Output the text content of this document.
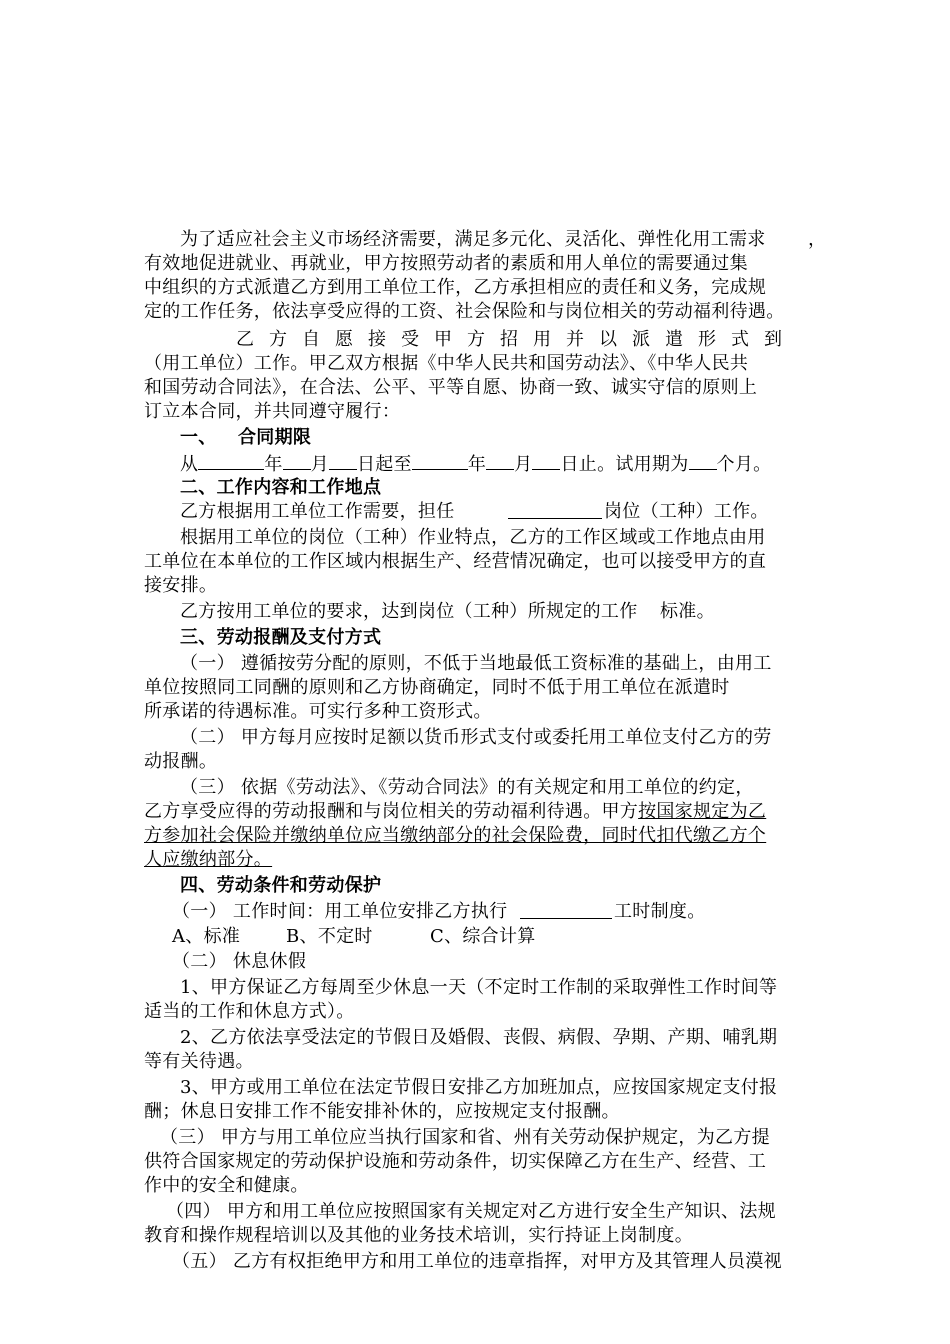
为了适应社会主义市场经济需要，满足多元化、灵活化、弹性化用工需求 ，
有效地促进就业、再就业，甲方按照劳动者的素质和用人单位的需要通过集
中组织的方式派遣乙方到用工单位工作，乙方承担相应的责任和义务，完成规
定的工作任务，依法享受应得的工资、社会保险和与岗位相关的劳动福利待遇。
乙方自愿接受甲方招用并以派遣形式到
（用工单位）工作。甲乙双方根据《中华人民共和国劳动法》、《中华人民共
和国劳动合同法》，在合法、公平、平等自愿、协商一致、诚实守信的原则上
订立本合同，并共同遵守履行：
一、 合同期限
从	年 月 日起至	年 月 日止。试用期为 个月。
二、工作内容和工作地点
乙方根据用工单位工作需要，担任	岗位（工种）工作。
根据用工单位的岗位（工种）作业特点，乙方的工作区域或工作地点由用
工单位在本单位的工作区域内根据生产、经营情况确定，也可以接受甲方的直
接安排。
乙方按用工单位的要求，达到岗位（工种）所规定的工作 标准。
三、劳动报酬及支付方式
（一） 遵循按劳分配的原则，不低于当地最低工资标准的基础上，由用工
单位按照同工同酬的原则和乙方协商确定，同时不低于用工单位在派遣时
所承诺的待遇标准。可实行多种工资形式。
（二） 甲方每月应按时足额以货币形式支付或委托用工单位支付乙方的劳
动报酬。
（三） 依据《劳动法》、《劳动合同法》的有关规定和用工单位的约定，
乙方享受应得的劳动报酬和与岗位相关的劳动福利待遇。甲方按国家规定为乙
方参加社会保险并缴纳单位应当缴纳部分的社会保险费，同时代扣代缴乙方个
人应缴纳部分。
四、劳动条件和劳动保护
（一） 工作时间：用工单位安排乙方执行	工时制度。
A、标准	B、不定时	C、综合计算
（二） 休息休假
1、甲方保证乙方每周至少休息一天（不定时工作制的采取弹性工作时间等
适当的工作和休息方式）。
2、乙方依法享受法定的节假日及婚假、丧假、病假、孕期、产期、哺乳期
等有关待遇。
3、甲方或用工单位在法定节假日安排乙方加班加点，应按国家规定支付报
酬；休息日安排工作不能安排补休的，应按规定支付报酬。
（三） 甲方与用工单位应当执行国家和省、州有关劳动保护规定，为乙方提
供符合国家规定的劳动保护设施和劳动条件，切实保障乙方在生产、经营、工
作中的安全和健康。
（四） 甲方和用工单位应按照国家有关规定对乙方进行安全生产知识、法规
教育和操作规程培训以及其他的业务技术培训，实行持证上岗制度。
（五） 乙方有权拒绝甲方和用工单位的违章指挥，对甲方及其管理人员漠视
